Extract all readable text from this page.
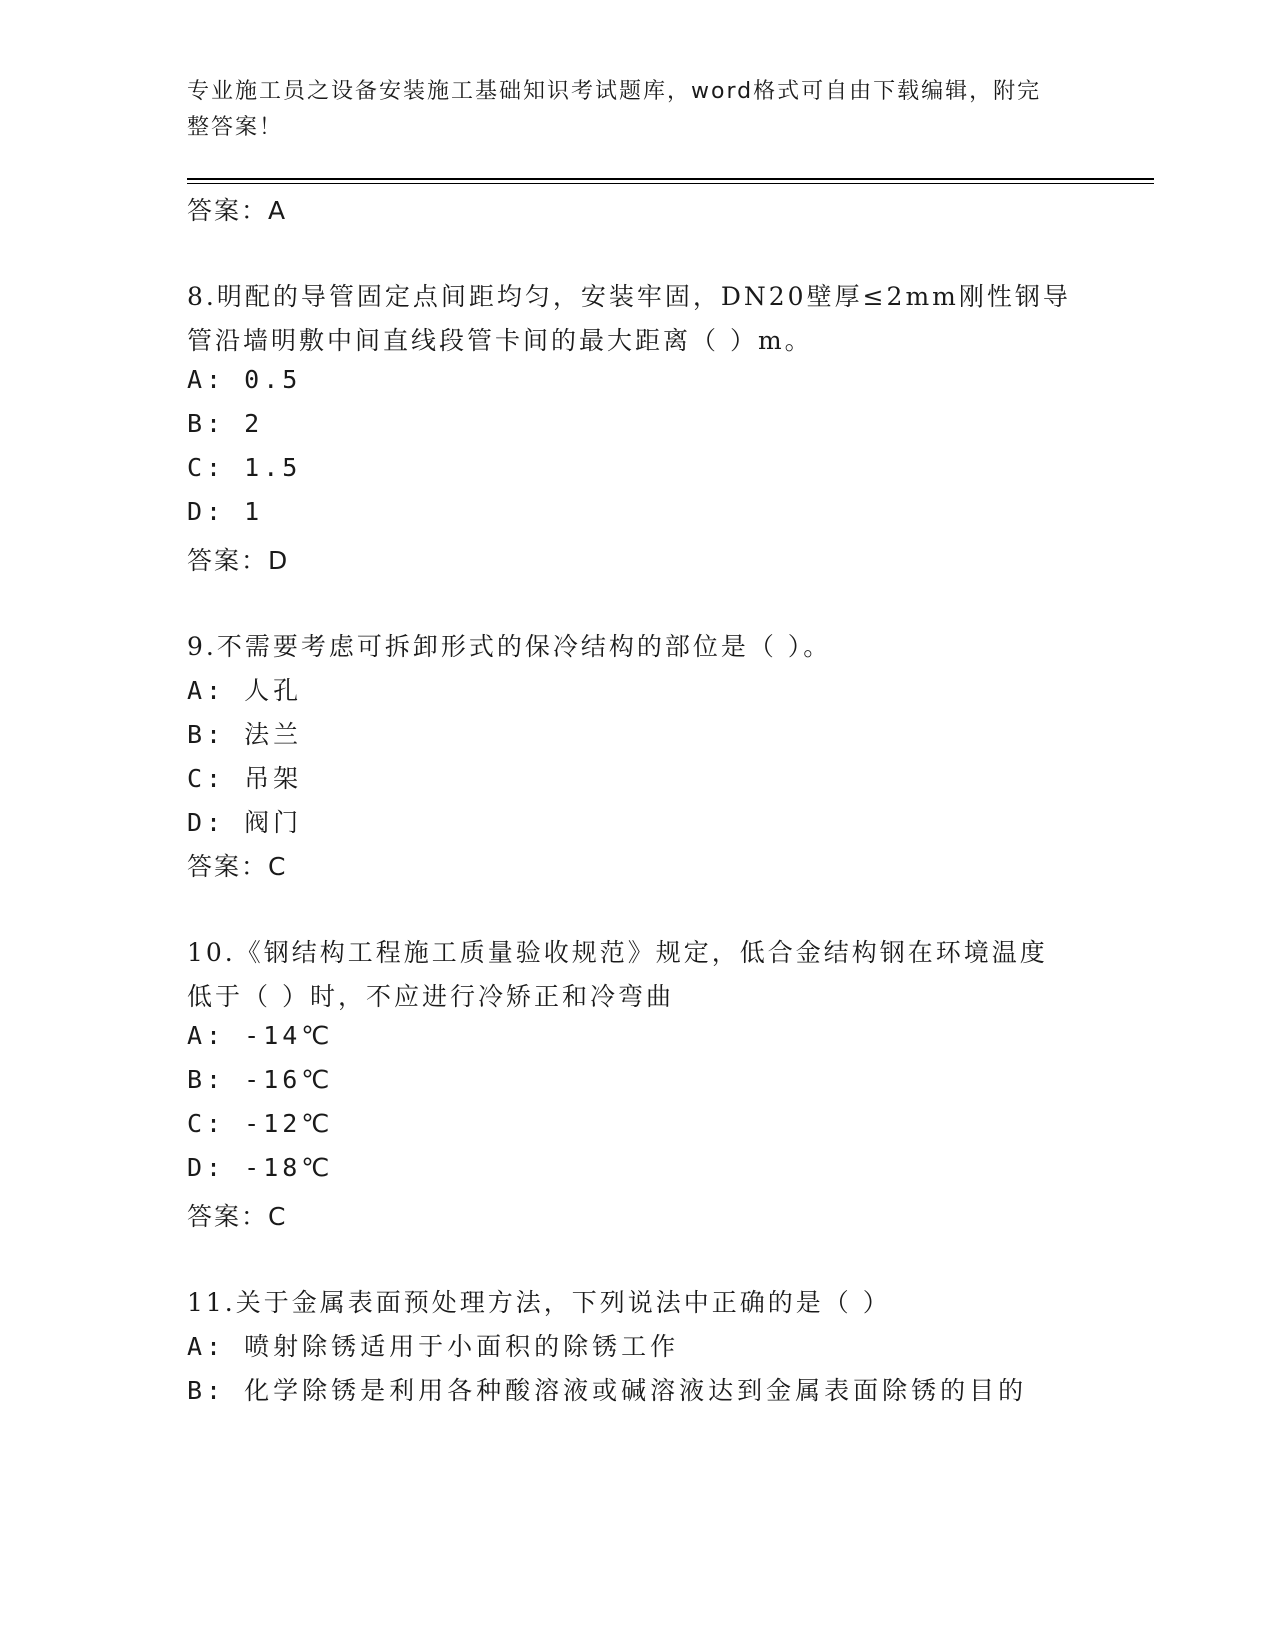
专业施工员之设备安装施工基础知识考试题库，word格式可自由下载编辑，附完
整答案！
答案：A
8.明配的导管固定点间距均匀，安装牢固，DN20壁厚≤2mm刚性钢导
管沿墙明敷中间直线段管卡间的最大距离（ ）m。
A: 0.5
B: 2
C: 1.5
D: 1
答案：D
9.不需要考虑可拆卸形式的保冷结构的部位是（ ）。
A: 人孔
B: 法兰
C: 吊架
D: 阀门
答案：C
10.《钢结构工程施工质量验收规范》规定，低合金结构钢在环境温度
低于（ ）时，不应进行冷矫正和冷弯曲
A: -14℃
B: -16℃
C: -12℃
D: -18℃
答案：C
11.关于金属表面预处理方法，下列说法中正确的是（ ）
A: 喷射除锈适用于小面积的除锈工作
B: 化学除锈是利用各种酸溶液或碱溶液达到金属表面除锈的目的
